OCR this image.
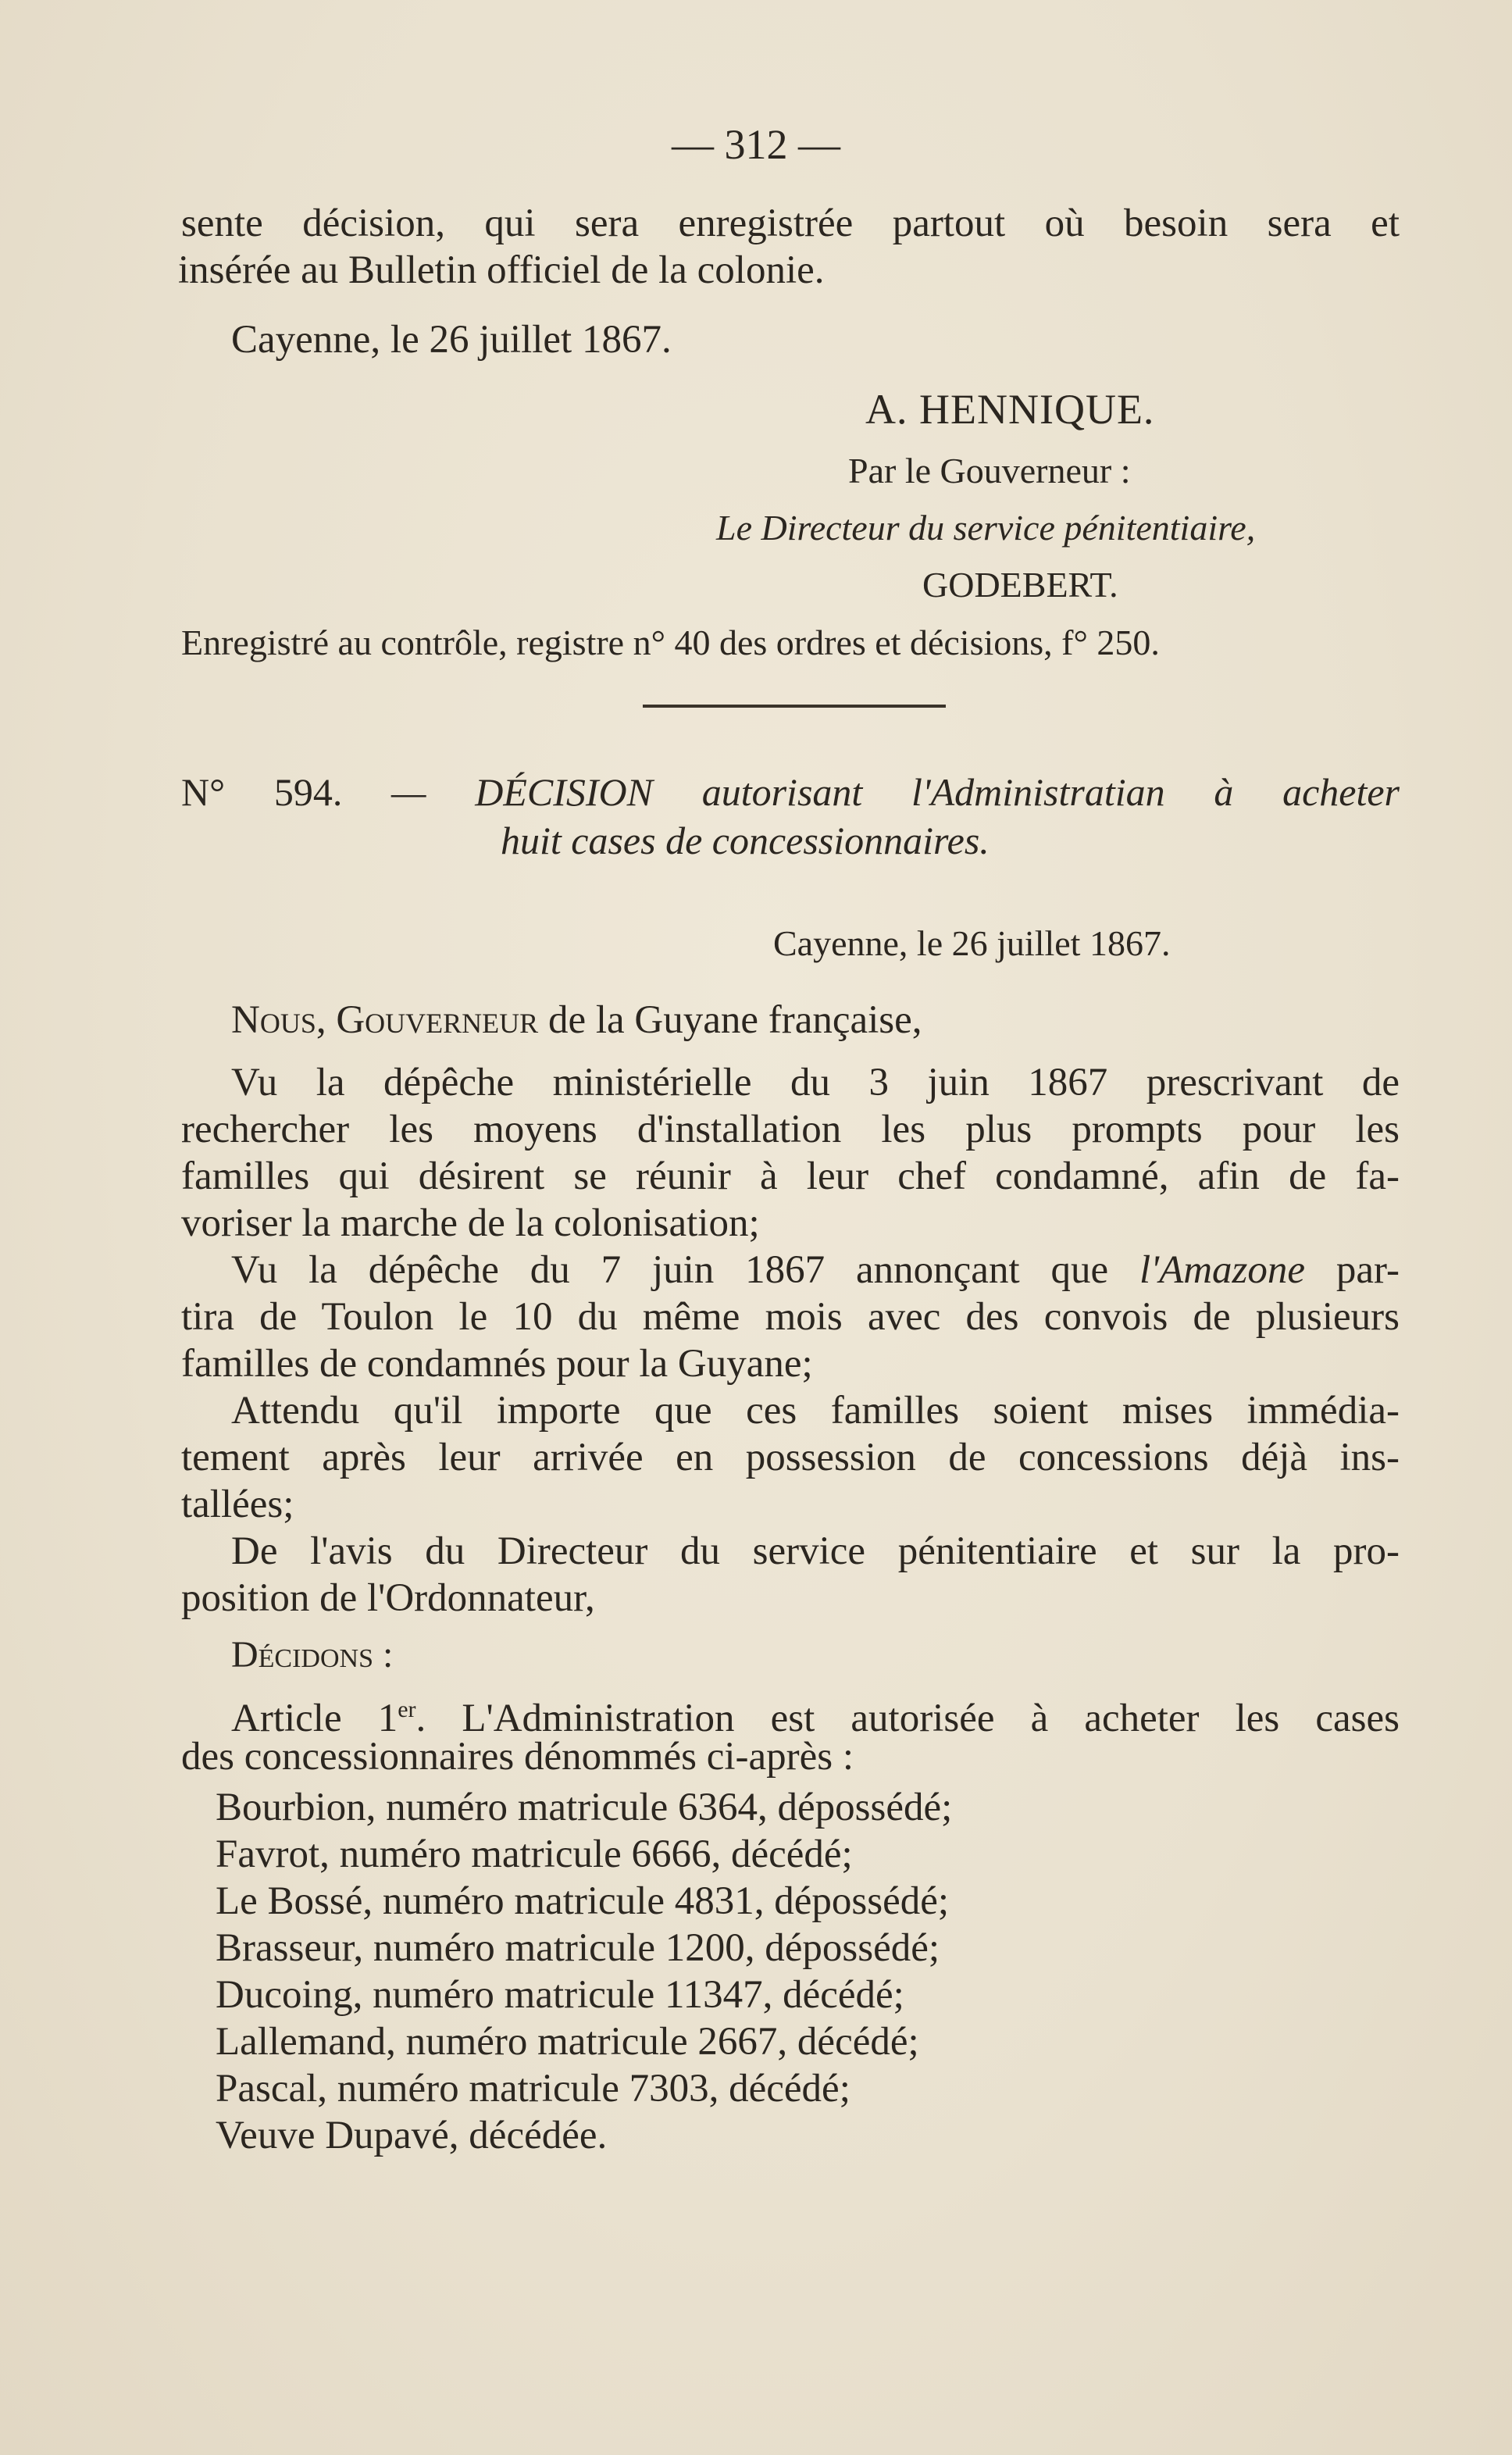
— 312 —
sente décision, qui sera enregistrée partout où besoin sera et
insérée au Bulletin officiel de la colonie.
Cayenne, le 26 juillet 1867.
A. HENNIQUE.
Par le Gouverneur :
Le Directeur du service pénitentiaire,
GODEBERT.
Enregistré au contrôle, registre n° 40 des ordres et décisions, f° 250.
N° 594. — DÉCISION autorisant l'Administratian à acheter
huit cases de concessionnaires.
Cayenne, le 26 juillet 1867.
Nous, Gouverneur de la Guyane française,
Vu la dépêche ministérielle du 3 juin 1867 prescrivant de
rechercher les moyens d'installation les plus prompts pour les
familles qui désirent se réunir à leur chef condamné, afin de fa-
voriser la marche de la colonisation;
Vu la dépêche du 7 juin 1867 annonçant que l'Amazone par-
tira de Toulon le 10 du même mois avec des convois de plusieurs
familles de condamnés pour la Guyane;
Attendu qu'il importe que ces familles soient mises immédia-
tement après leur arrivée en possession de concessions déjà ins-
tallées;
De l'avis du Directeur du service pénitentiaire et sur la pro-
position de l'Ordonnateur,
Décidons :
Article 1er. L'Administration est autorisée à acheter les cases
des concessionnaires dénommés ci-après :
Bourbion, numéro matricule 6364, dépossédé;
Favrot, numéro matricule 6666, décédé;
Le Bossé, numéro matricule 4831, dépossédé;
Brasseur, numéro matricule 1200, dépossédé;
Ducoing, numéro matricule 11347, décédé;
Lallemand, numéro matricule 2667, décédé;
Pascal, numéro matricule 7303, décédé;
Veuve Dupavé, décédée.
